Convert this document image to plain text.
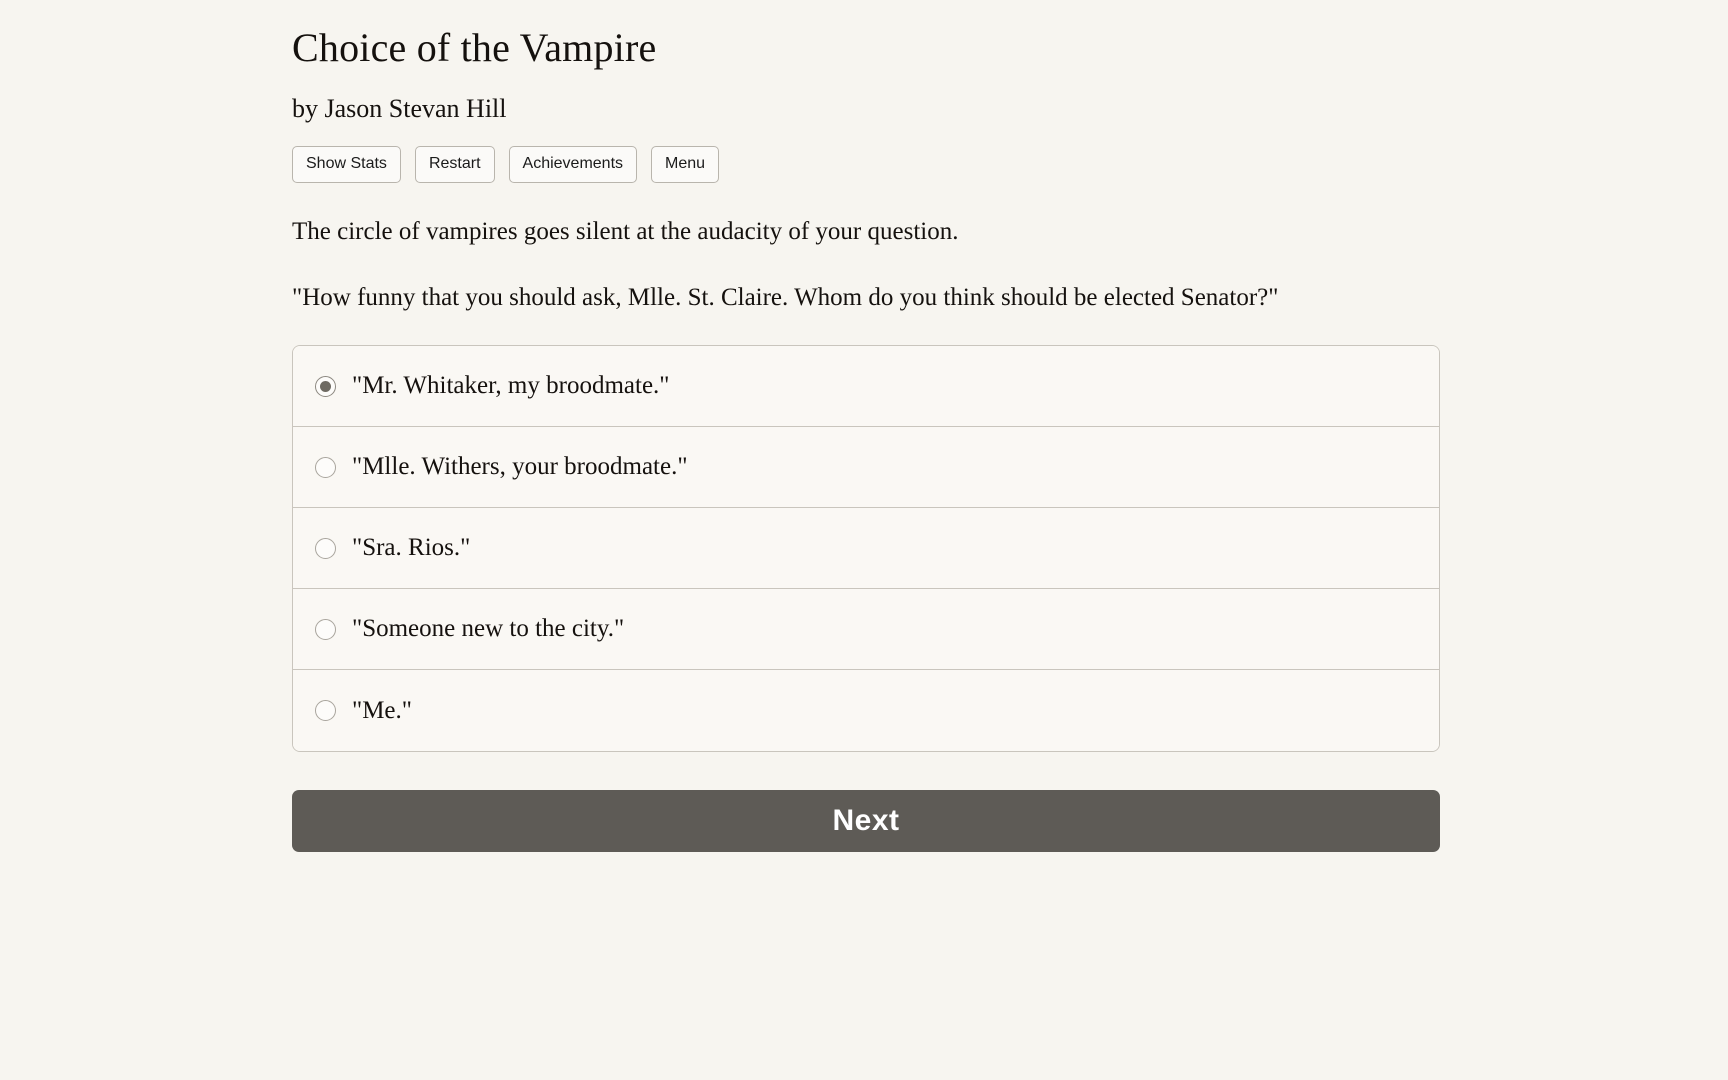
Choice of the Vampire
by Jason Stevan Hill
Show Stats	Restart	Achievements	Menu

The circle of vampires goes silent at the audacity of your question.

"How funny that you should ask, Mlle. St. Claire. Whom do you think should be elected Senator?"

"Mr. Whitaker, my broodmate."
"Mlle. Withers, your broodmate."
"Sra. Rios."
"Someone new to the city."
"Me."
Next
